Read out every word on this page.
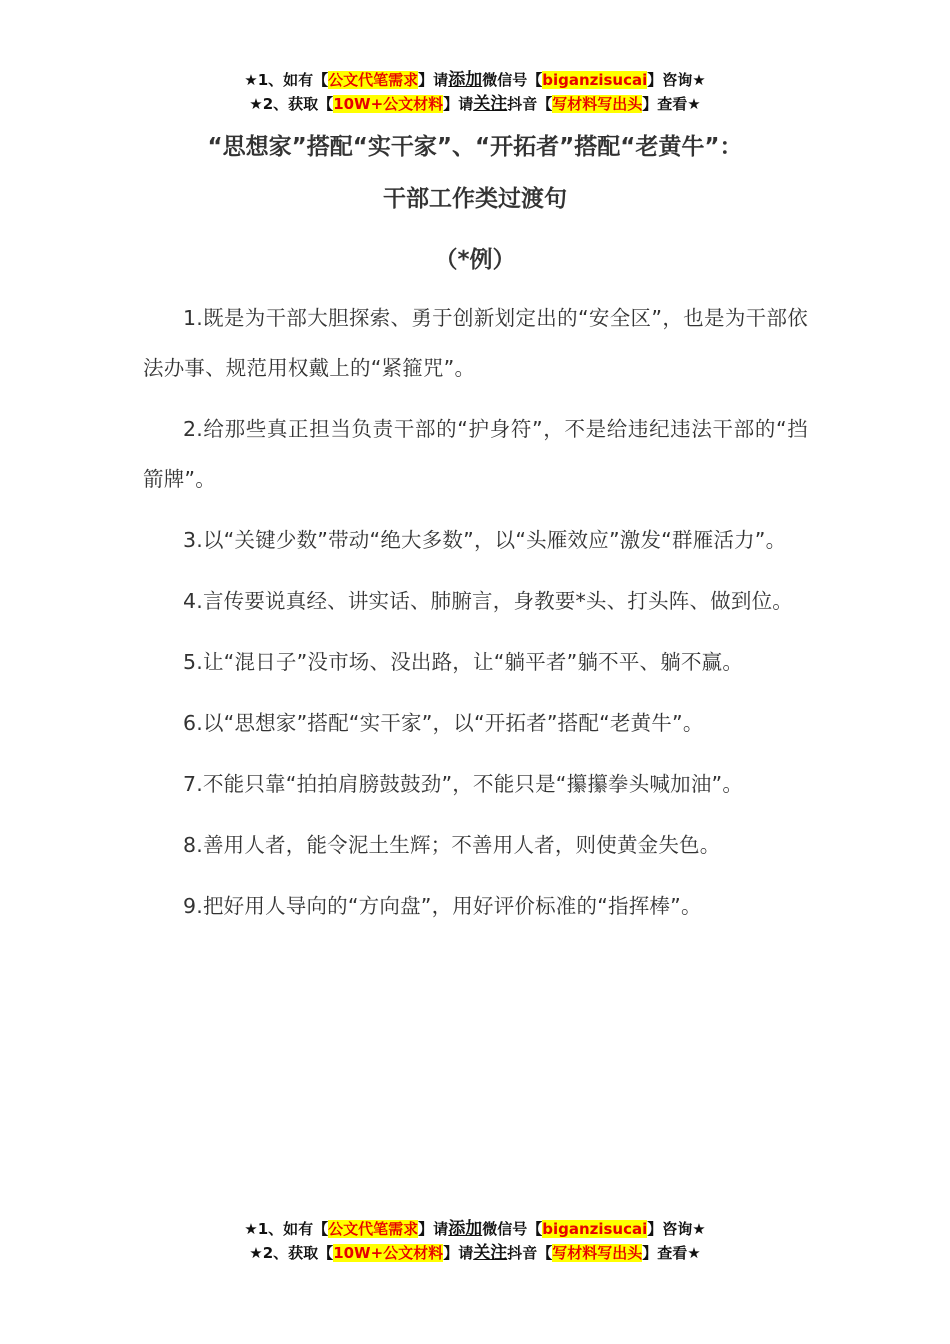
★1、如有【公文代笔需求】请添加微信号【biganzisucai】咨询★
★2、获取【10W+公文材料】请关注抖音【写材料写出头】查看★
“思想家”搭配“实干家”、“开拓者”搭配“老黄牛”：
干部工作类过渡句
（*例）

1.既是为干部大胆探索、勇于创新划定出的“安全区”，也是为干部依法办事、规范用权戴上的“紧箍咒”。

2.给那些真正担当负责干部的“护身符”，不是给违纪违法干部的“挡箭牌”。

3.以“关键少数”带动“绝大多数”，以“头雁效应”激发“群雁活力”。

4.言传要说真经、讲实话、肺腑言，身教要*头、打头阵、做到位。

5.让“混日子”没市场、没出路，让“躺平者”躺不平、躺不赢。

6.以“思想家”搭配“实干家”，以“开拓者”搭配“老黄牛”。

7.不能只靠“拍拍肩膀鼓鼓劲”，不能只是“攥攥拳头喊加油”。

8.善用人者，能令泥土生辉；不善用人者，则使黄金失色。

9.把好用人导向的“方向盘”，用好评价标准的“指挥棒”。

★1、如有【公文代笔需求】请添加微信号【biganzisucai】咨询★
★2、获取【10W+公文材料】请关注抖音【写材料写出头】查看★
